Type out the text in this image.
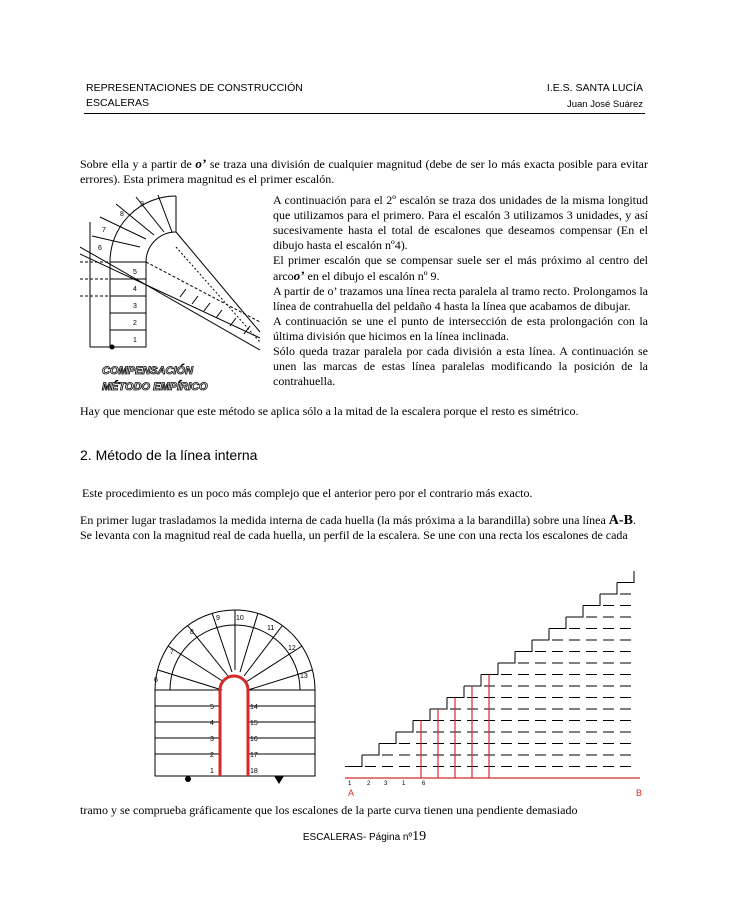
REPRESENTACIONES DE CONSTRUCCIÓN	I.E.S. SANTA LUCÍA
ESCALERAS	Juan José Suárez
Sobre ella y a partir de o’ se traza una división de cualquier magnitud (debe de ser lo más exacta posible para evitar errores). Esta primera magnitud es el primer escalón.
1
2
3
4
5
6
7
8
9
COMPENSACIÓN
MÉTODO EMPÍRICO
A continuación para el 2º escalón se traza dos unidades de la misma longitud que utilizamos para el primero. Para el escalón 3 utilizamos 3 unidades, y así sucesivamente hasta el total de escalones que deseamos compensar (En el dibujo hasta el escalón nº4).
El primer escalón que se compensar suele ser el más próximo al centro del arcoo’ en el dibujo el escalón nº 9.
A partir de o’ trazamos una línea recta paralela al tramo recto. Prolongamos la línea de contrahuella del peldaño 4 hasta la línea que acabamos de dibujar.
A continuación se une el punto de intersección de esta prolongación con la última división que hicimos en la línea inclinada.
Sólo queda trazar paralela por cada división a esta línea. A continuación se unen las marcas de estas línea paralelas modificando la posición de la contrahuella.
Hay que mencionar que este método se aplica sólo a la mitad de la escalera porque el resto es simétrico.
2. Método de la línea interna
Este procedimiento es un poco más complejo que el anterior pero por el contrario más exacto.
En primer lugar trasladamos la medida interna de cada huella (la más próxima a la barandilla) sobre una línea A-B.
Se levanta con la magnitud real de cada huella, un perfil de la escalera. Se une con una recta los escalones de cada
1
2
3
4
5
6
7
8
9 10
11
12
13
14
15
16
17
18
1	2 3 1	6
A	B
tramo y se comprueba gráficamente que los escalones de la parte curva tienen una pendiente demasiado
ESCALERAS- Página nº19
